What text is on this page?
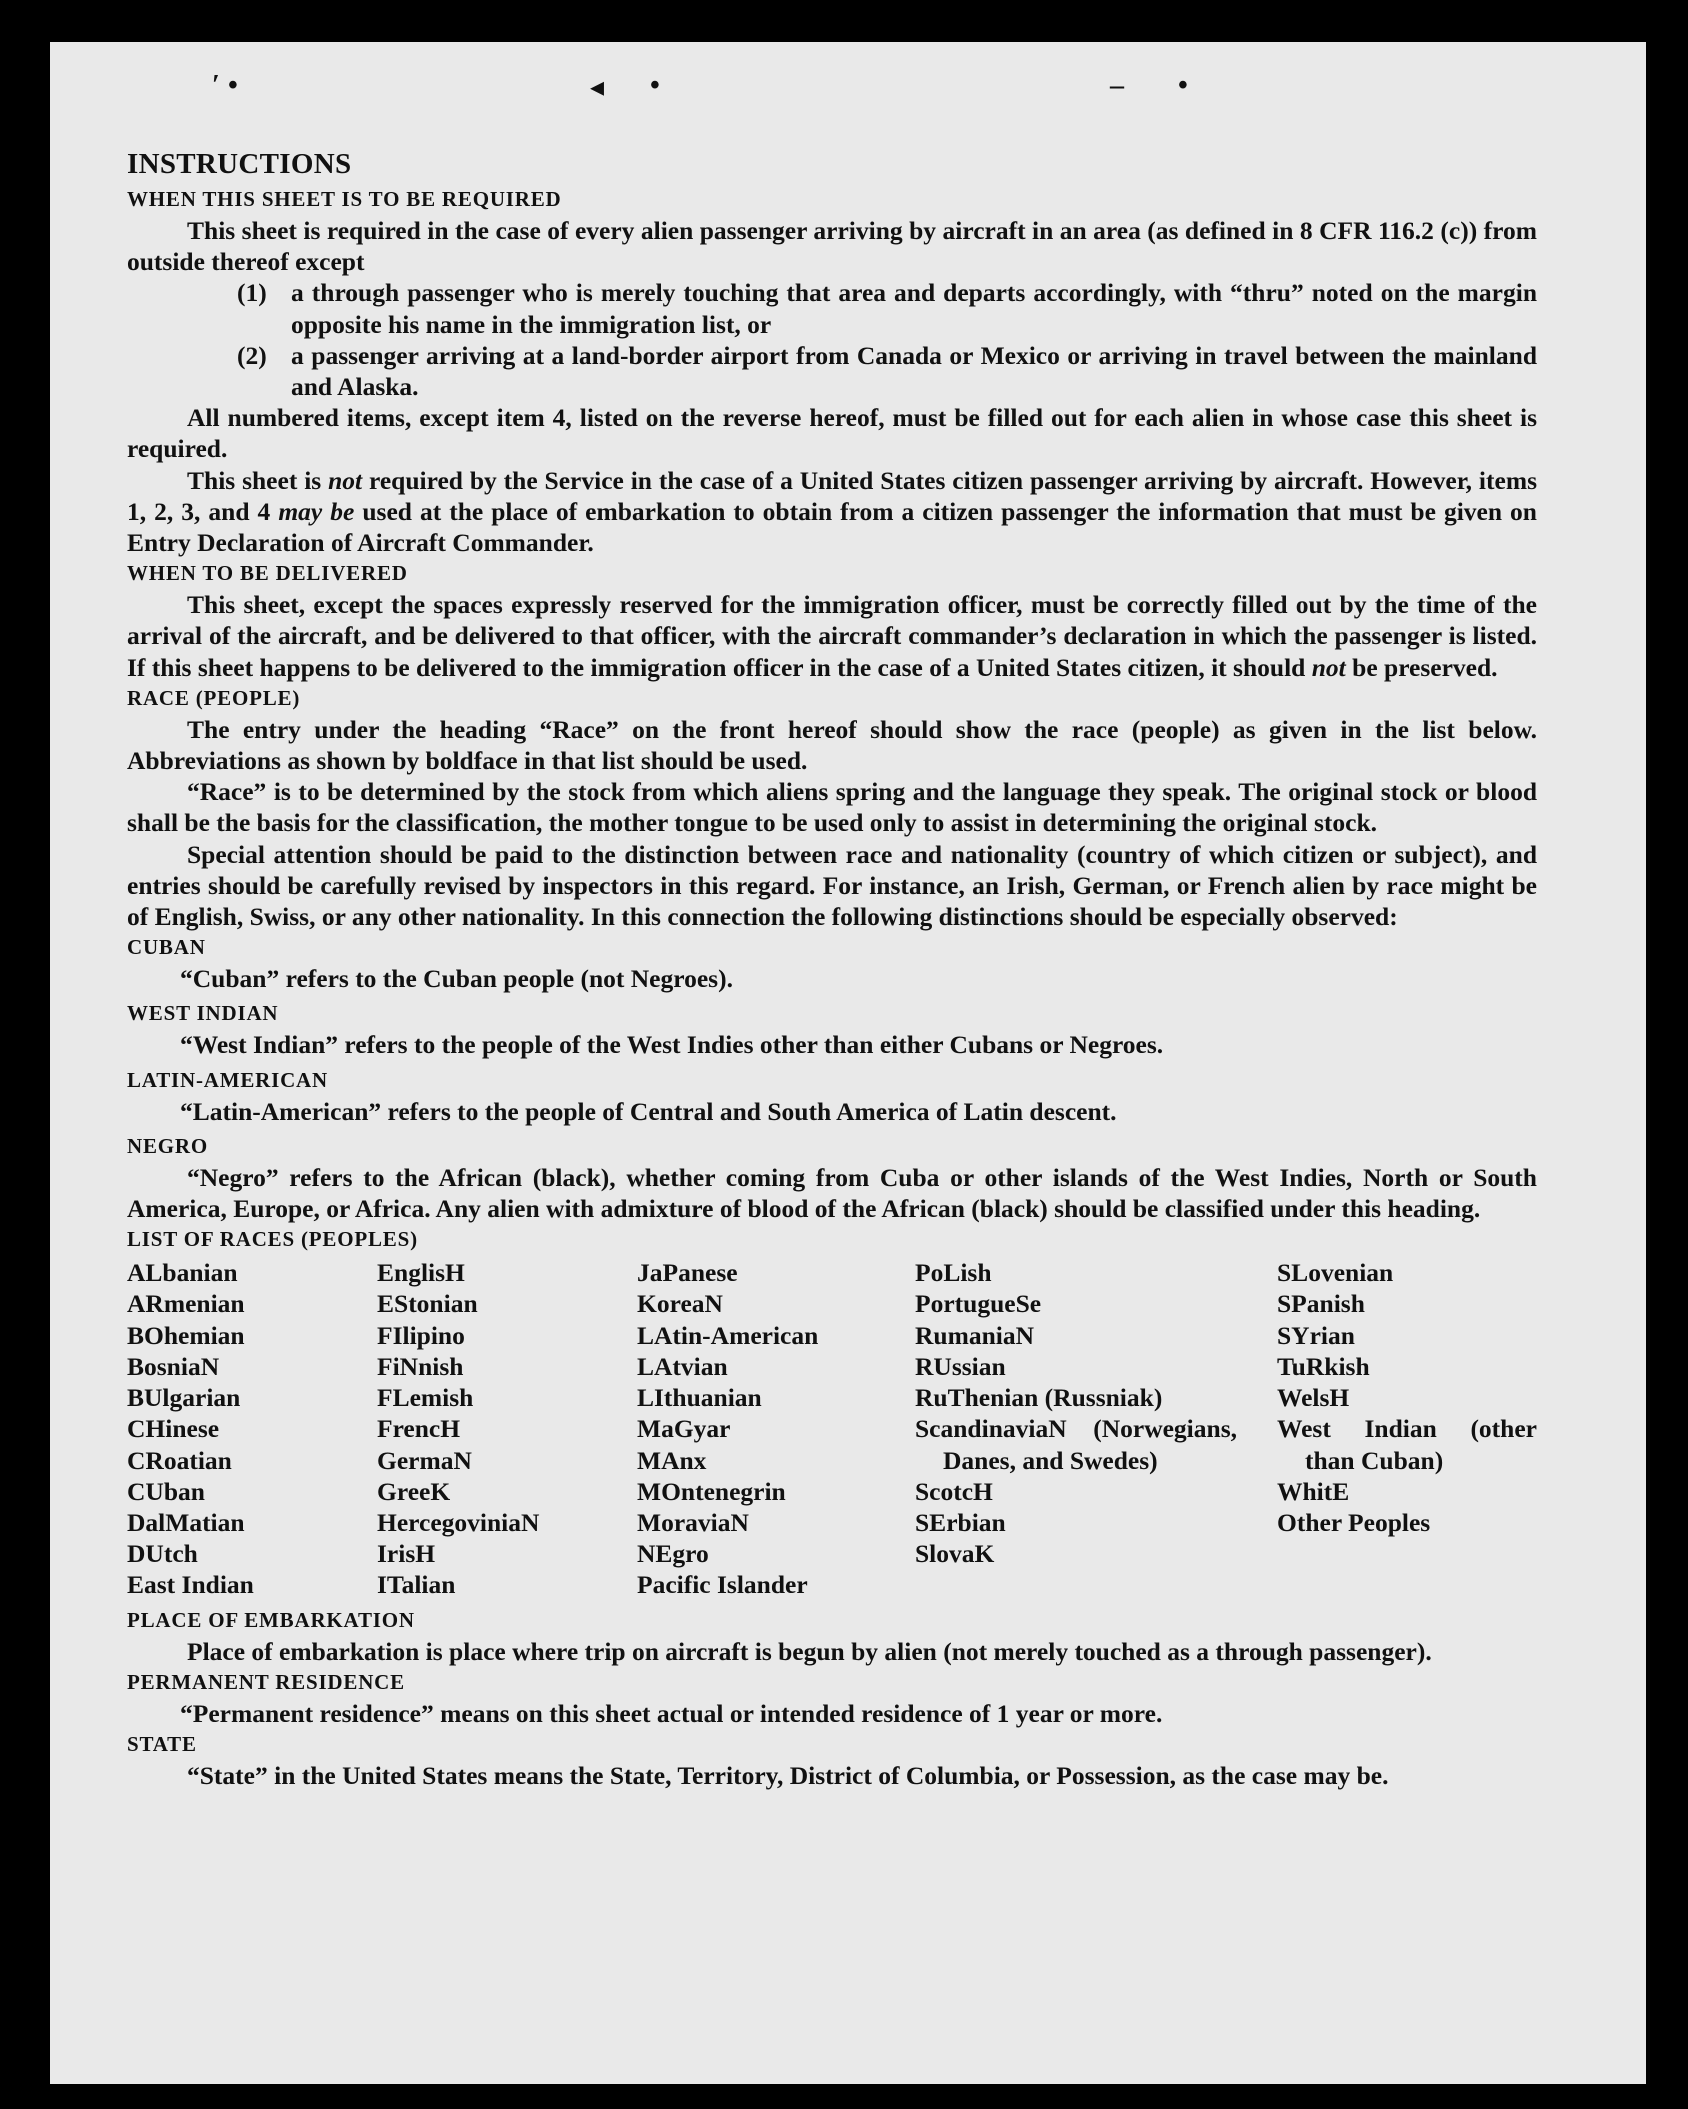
′ •	◂ •	‒ •

INSTRUCTIONS

WHEN THIS SHEET IS TO BE REQUIRED

This sheet is required in the case of every alien passenger arriving by aircraft in an area (as defined in 8 CFR 116.2 (c)) from outside thereof except

(1) a through passenger who is merely touching that area and departs accordingly, with “thru” noted on the margin opposite his name in the immigration list, or
(2) a passenger arriving at a land-border airport from Canada or Mexico or arriving in travel between the mainland and Alaska.

All numbered items, except item 4, listed on the reverse hereof, must be filled out for each alien in whose case this sheet is required.

This sheet is not required by the Service in the case of a United States citizen passenger arriving by aircraft. However, items 1, 2, 3, and 4 may be used at the place of embarkation to obtain from a citizen passenger the information that must be given on Entry Declaration of Aircraft Commander.

WHEN TO BE DELIVERED

This sheet, except the spaces expressly reserved for the immigration officer, must be correctly filled out by the time of the arrival of the aircraft, and be delivered to that officer, with the aircraft commander’s declaration in which the passenger is listed. If this sheet happens to be delivered to the immigration officer in the case of a United States citizen, it should not be preserved.

RACE (PEOPLE)

The entry under the heading “Race” on the front hereof should show the race (people) as given in the list below. Abbreviations as shown by boldface in that list should be used.

“Race” is to be determined by the stock from which aliens spring and the language they speak. The original stock or blood shall be the basis for the classification, the mother tongue to be used only to assist in determining the original stock.

Special attention should be paid to the distinction between race and nationality (country of which citizen or subject), and entries should be carefully revised by inspectors in this regard. For instance, an Irish, German, or French alien by race might be of English, Swiss, or any other nationality. In this connection the following distinctions should be especially observed:

CUBAN

“Cuban” refers to the Cuban people (not Negroes).

WEST INDIAN

“West Indian” refers to the people of the West Indies other than either Cubans or Negroes.

LATIN-AMERICAN

“Latin-American” refers to the people of Central and South America of Latin descent.

NEGRO

“Negro” refers to the African (black), whether coming from Cuba or other islands of the West Indies, North or South America, Europe, or Africa. Any alien with admixture of blood of the African (black) should be classified under this heading.

LIST OF RACES (PEOPLES)

ALbanian
ARmenian
BOhemian
BosniaN
BUlgarian
CHinese
CRoatian
CUban
DalMatian
DUtch
East Indian
EnglisH
EStonian
FIlipino
FiNnish
FLemish
FrencH
GermaN
GreeK
HercegoviniaN
IrisH
ITalian
JaPanese
KoreaN
LAtin-American
LAtvian
LIthuanian
MaGyar
MAnx
MOntenegrin
MoraviaN
NEgro
Pacific Islander
PoLish
PortugueSe
RumaniaN
RUssian
RuThenian (Russniak)
ScandinaviaN (Norwegians, Danes, and Swedes)
ScotcH
SErbian
SlovaK
SLovenian
SPanish
SYrian
TuRkish
WelsH
West Indian (other than Cuban)
WhitE
Other Peoples

PLACE OF EMBARKATION

Place of embarkation is place where trip on aircraft is begun by alien (not merely touched as a through passenger).

PERMANENT RESIDENCE

“Permanent residence” means on this sheet actual or intended residence of 1 year or more.

STATE

“State” in the United States means the State, Territory, District of Columbia, or Possession, as the case may be.
